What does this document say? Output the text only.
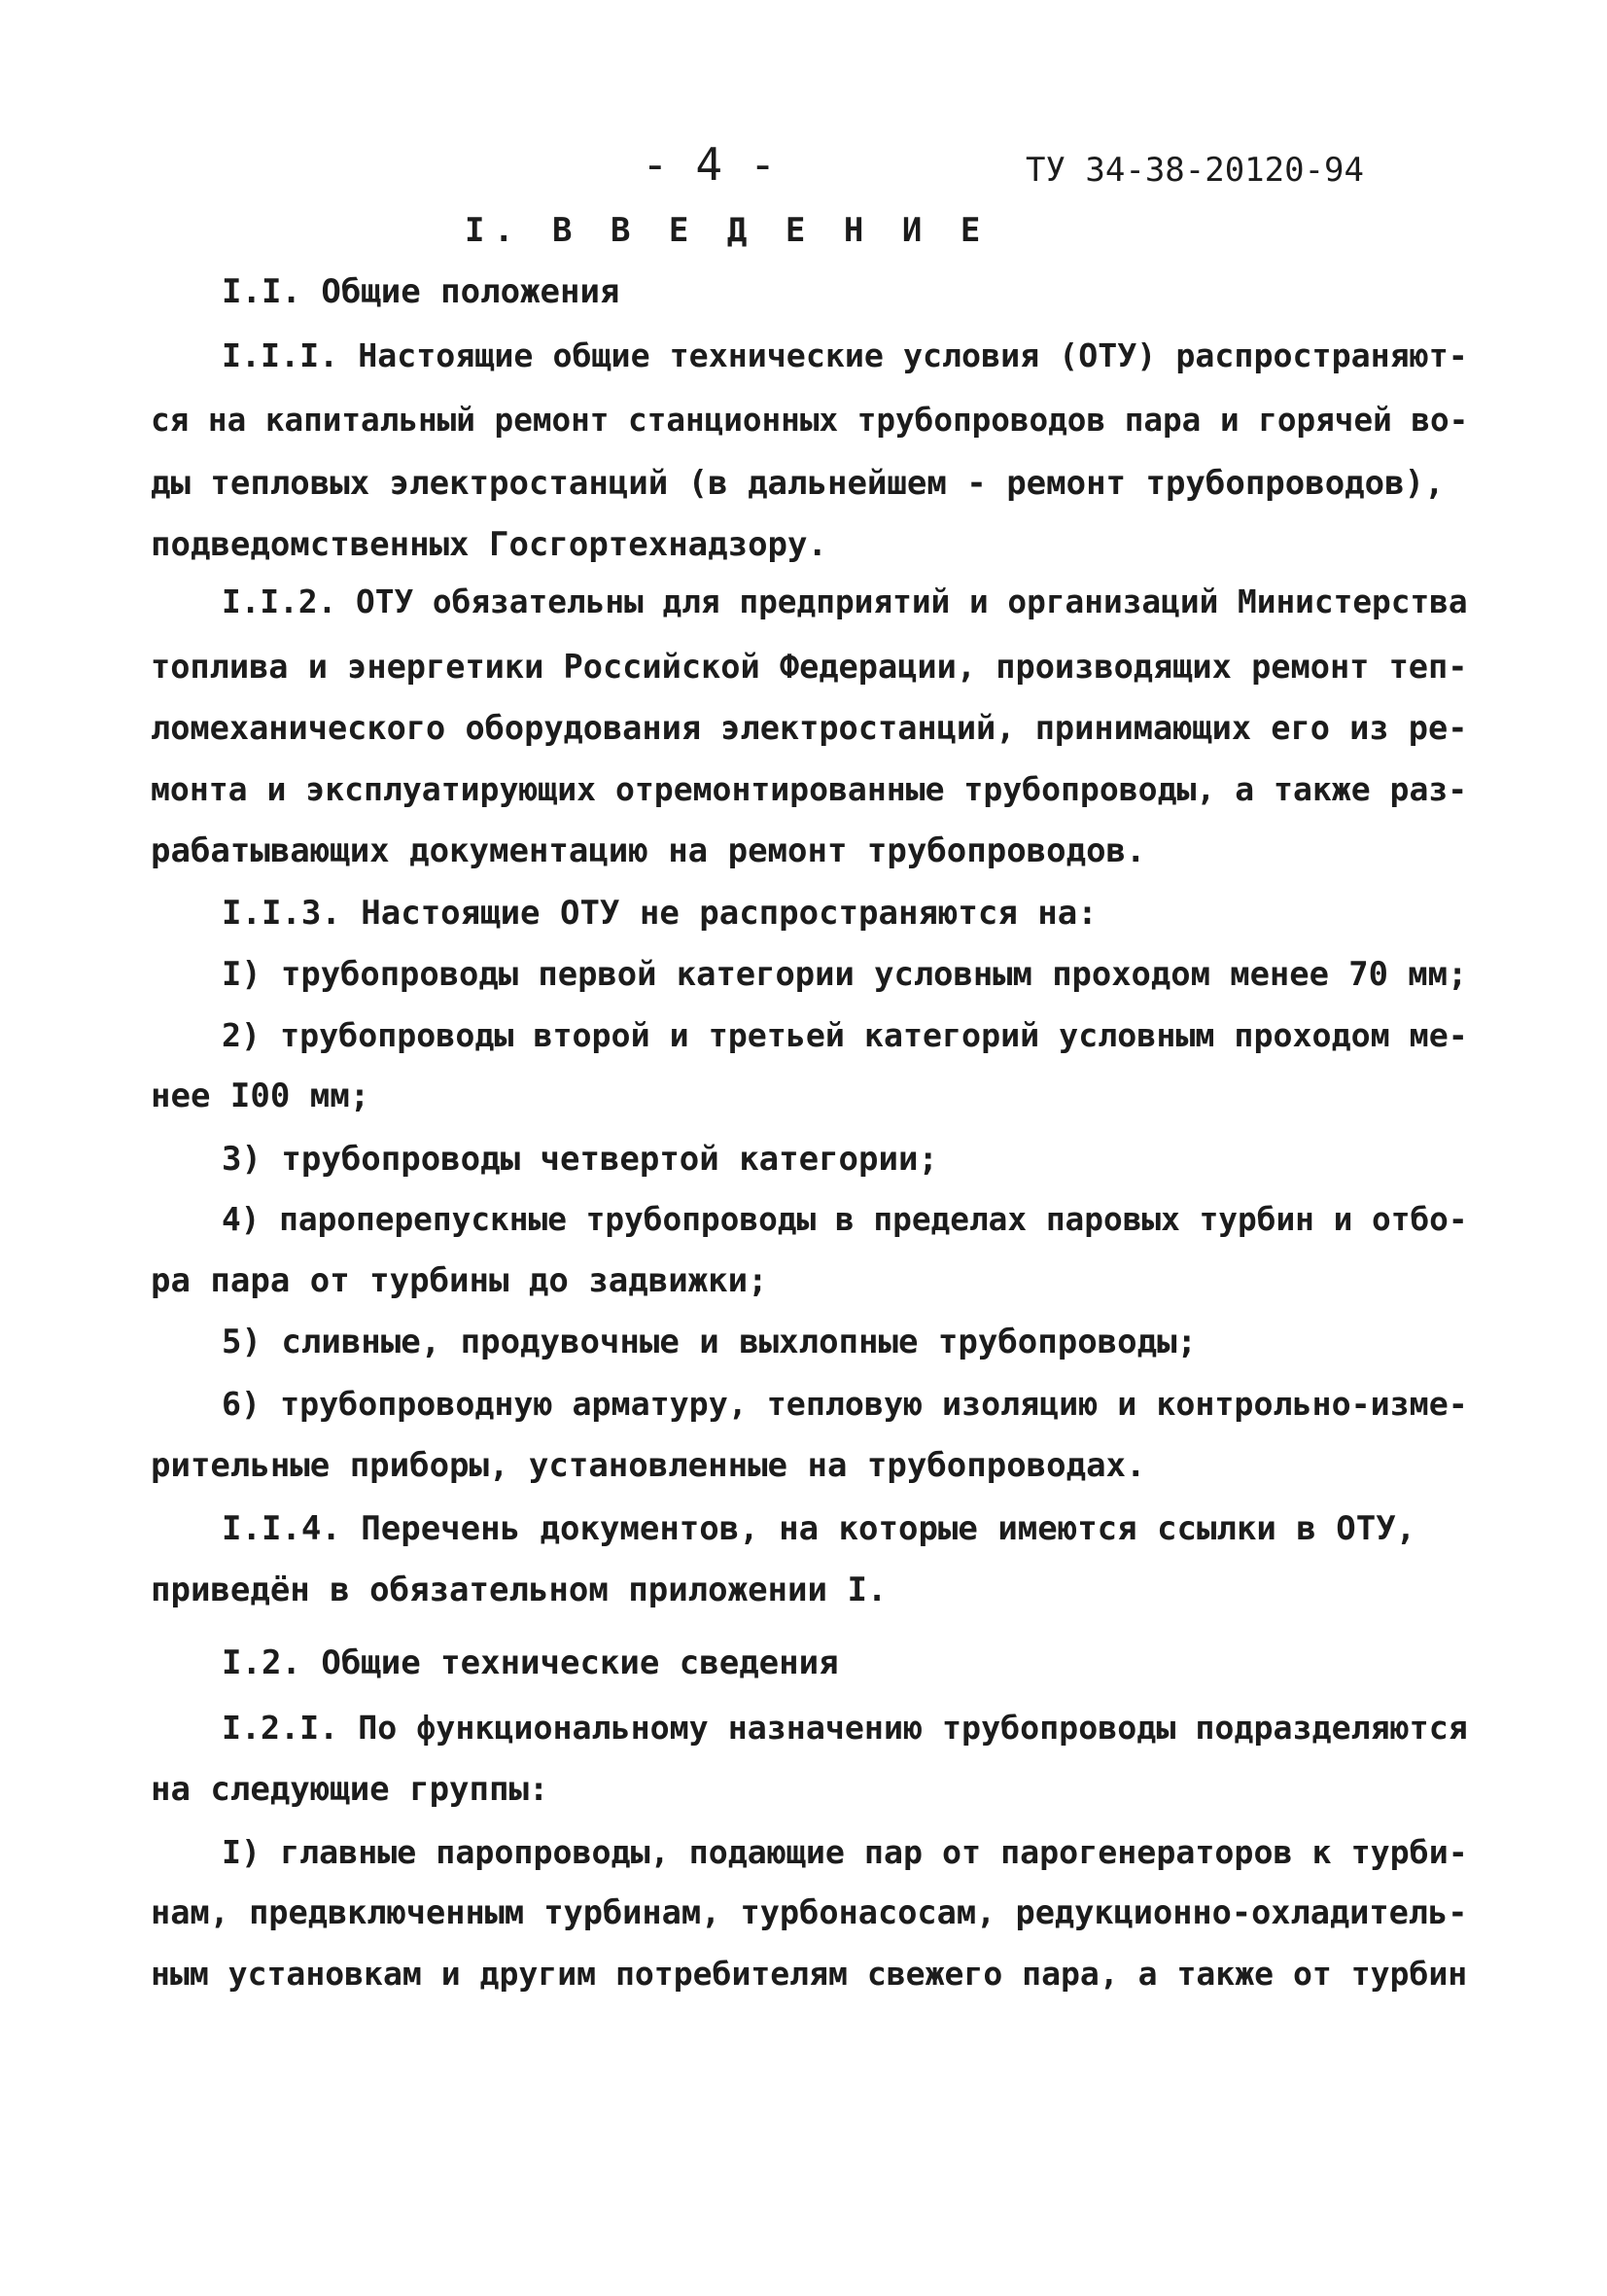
- 4 -	ТУ 34-38-20120-94
I. В В Е Д Е Н И Е
I.I. Общие положения
I.I.I. Настоящие общие технические условия (ОТУ) распространяют-
ся на капитальный ремонт станционных трубопроводов пара и горячей во-
ды тепловых электростанций (в дальнейшем - ремонт трубопроводов),
подведомственных Госгортехнадзору.
I.I.2. ОТУ обязательны для предприятий и организаций Министерства
топлива и энергетики Российской Федерации, производящих ремонт теп-
ломеханического оборудования электростанций, принимающих его из ре-
монта и эксплуатирующих отремонтированные трубопроводы, а также раз-
рабатывающих документацию на ремонт трубопроводов.
I.I.3. Настоящие ОТУ не распространяются на:
I) трубопроводы первой категории условным проходом менее 70 мм;
2) трубопроводы второй и третьей категорий условным проходом ме-
нее I00 мм;
3) трубопроводы четвертой категории;
4) пароперепускные трубопроводы в пределах паровых турбин и отбо-
ра пара от турбины до задвижки;
5) сливные, продувочные и выхлопные трубопроводы;
6) трубопроводную арматуру, тепловую изоляцию и контрольно-изме-
рительные приборы, установленные на трубопроводах.
I.I.4. Перечень документов, на которые имеются ссылки в ОТУ,
приведён в обязательном приложении I.
I.2. Общие технические сведения
I.2.I. По функциональному назначению трубопроводы подразделяются
на следующие группы:
I) главные паропроводы, подающие пар от парогенераторов к турби-
нам, предвключенным турбинам, турбонасосам, редукционно-охладитель-
ным установкам и другим потребителям свежего пара, а также от турбин
